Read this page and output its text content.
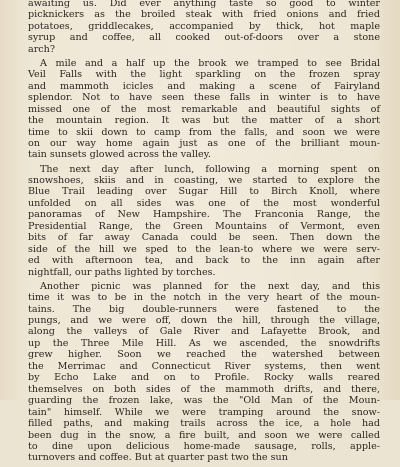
awaiting us. Did ever anything taste so good to winter
picknickers as the broiled steak with fried onions and fried
potatoes, griddlecakes, accompanied by thick, hot maple
syrup and coffee, all cooked out-of-doors over a stone
arch?
A mile and a half up the brook we tramped to see Bridal
Veil Falls with the light sparkling on the frozen spray
and mammoth icicles and making a scene of Fairyland
splendor. Not to have seen these falls in winter is to have
missed one of the most remarkable and beautiful sights of
the mountain region. It was but the matter of a short
time to skii down to camp from the falls, and soon we were
on our way home again just as one of the brilliant moun-
tain sunsets glowed across the valley.
The next day after lunch, following a morning spent on
snowshoes, skiis and in coasting, we started to explore the
Blue Trail leading over Sugar Hill to Birch Knoll, where
unfolded on all sides was one of the most wonderful
panoramas of New Hampshire. The Franconia Range, the
Presidential Range, the Green Mountains of Vermont, even
bits of far away Canada could be seen. Then down the
side of the hill we sped to the lean-to where we were serv-
ed with afternoon tea, and back to the inn again after
nightfall, our paths lighted by torches.
Another picnic was planned for the next day, and this
time it was to be in the notch in the very heart of the moun-
tains. The big double-runners were fastened to the
pungs, and we were off, down the hill, through the village,
along the valleys of Gale River and Lafayette Brook, and
up the Three Mile Hill. As we ascended, the snowdrifts
grew higher. Soon we reached the watershed between
the Merrimac and Connecticut River systems, then went
by Echo Lake and on to Profile. Rocky walls reared
themselves on both sides of the mammoth drifts, and there,
guarding the frozen lake, was the "Old Man of the Moun-
tain" himself. While we were tramping around the snow-
filled paths, and making trails across the ice, a hole had
been dug in the snow, a fire built, and soon we were called
to dine upon delicious home-made sausage, rolls, apple-
turnovers and coffee. But at quarter past two the sun
